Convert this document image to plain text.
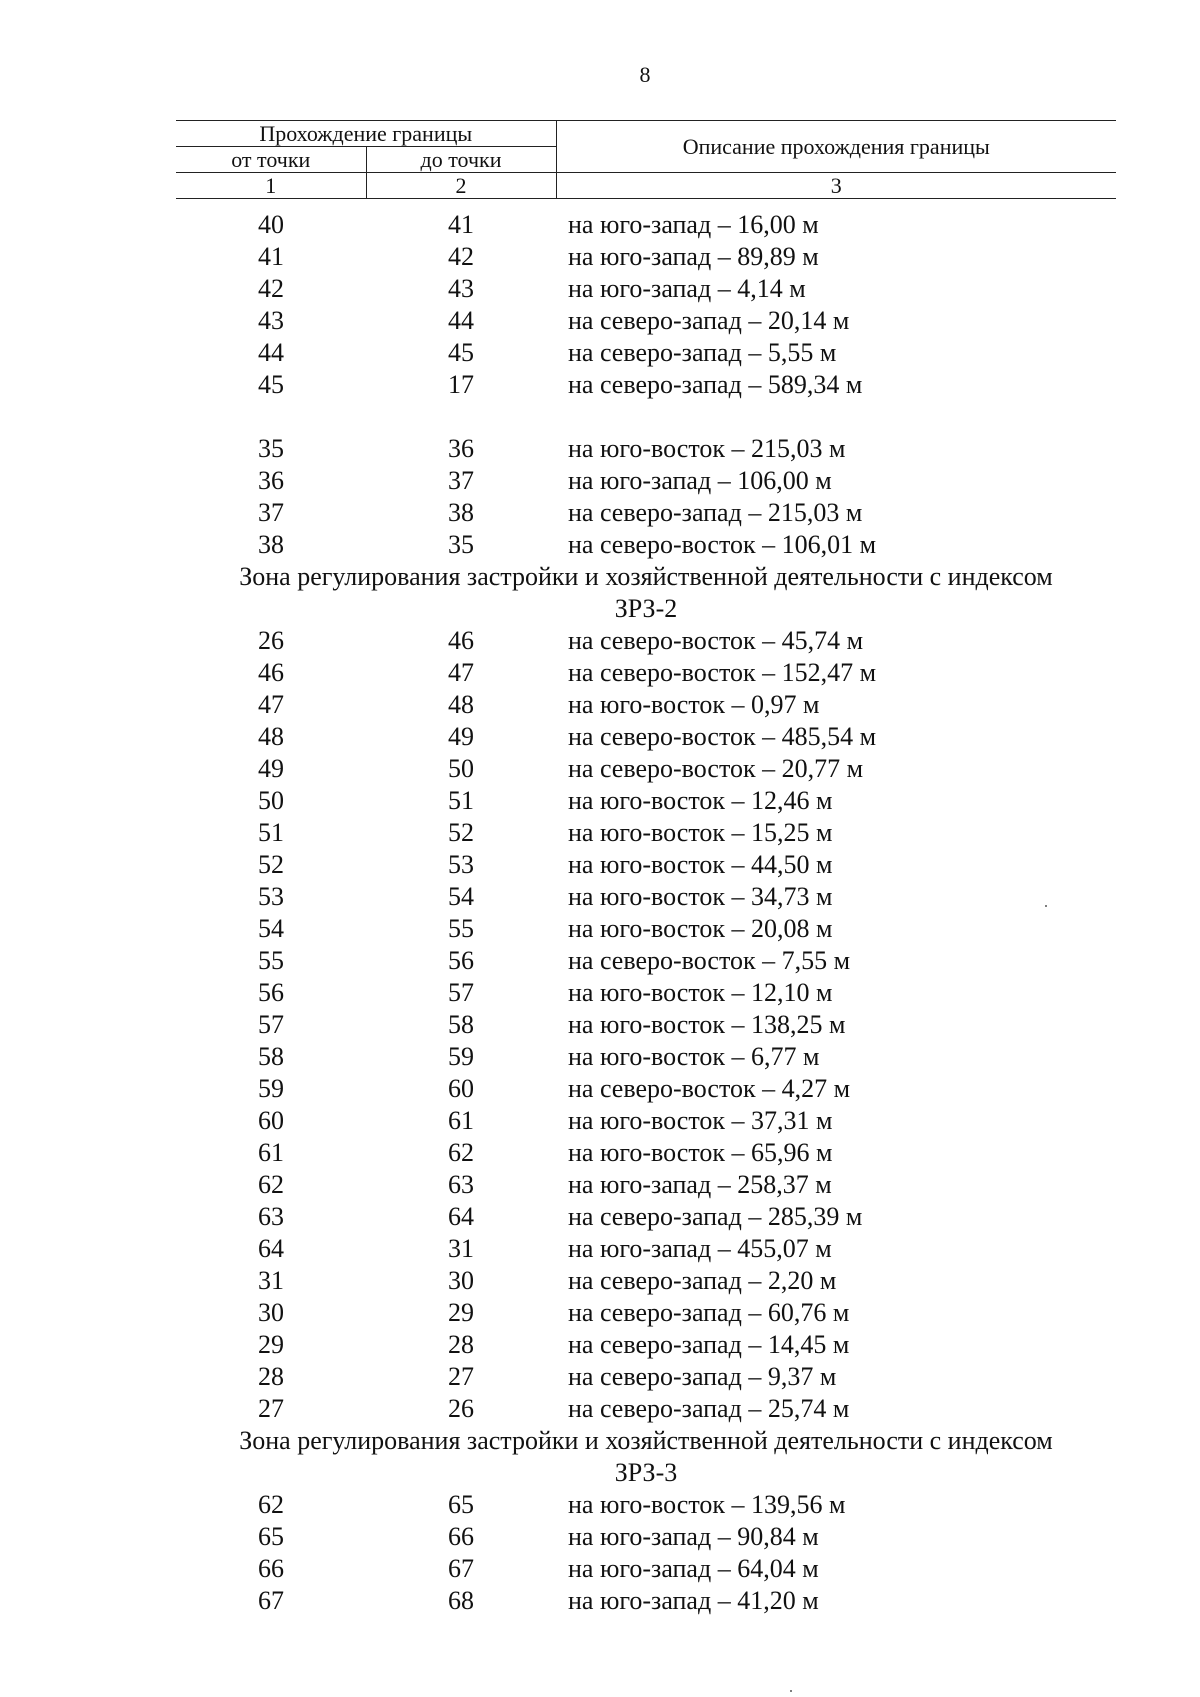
8
Прохождение границы		Описание прохождения границы
от точки	до точки	
1	2	3
40	41	на юго-запад – 16,00 м
41	42	на юго-запад – 89,89 м
42	43	на юго-запад – 4,14 м
43	44	на северо-запад – 20,14 м
44	45	на северо-запад – 5,55 м
45	17	на северо-запад – 589,34 м
35	36	на юго-восток – 215,03 м
36	37	на юго-запад – 106,00 м
37	38	на северо-запад – 215,03 м
38	35	на северо-восток – 106,01 м
Зона регулирования застройки и хозяйственной деятельности с индексом
ЗРЗ-2
26	46	на северо-восток – 45,74 м
46	47	на северо-восток – 152,47 м
47	48	на юго-восток – 0,97 м
48	49	на северо-восток – 485,54 м
49	50	на северо-восток – 20,77 м
50	51	на юго-восток – 12,46 м
51	52	на юго-восток – 15,25 м
52	53	на юго-восток – 44,50 м
53	54	на юго-восток – 34,73 м
54	55	на юго-восток – 20,08 м
55	56	на северо-восток – 7,55 м
56	57	на юго-восток – 12,10 м
57	58	на юго-восток – 138,25 м
58	59	на юго-восток – 6,77 м
59	60	на северо-восток – 4,27 м
60	61	на юго-восток – 37,31 м
61	62	на юго-восток – 65,96 м
62	63	на юго-запад – 258,37 м
63	64	на северо-запад – 285,39 м
64	31	на юго-запад – 455,07 м
31	30	на северо-запад – 2,20 м
30	29	на северо-запад – 60,76 м
29	28	на северо-запад – 14,45 м
28	27	на северо-запад – 9,37 м
27	26	на северо-запад – 25,74 м
Зона регулирования застройки и хозяйственной деятельности с индексом
ЗРЗ-3
62	65	на юго-восток – 139,56 м
65	66	на юго-запад – 90,84 м
66	67	на юго-запад – 64,04 м
67	68	на юго-запад – 41,20 м
